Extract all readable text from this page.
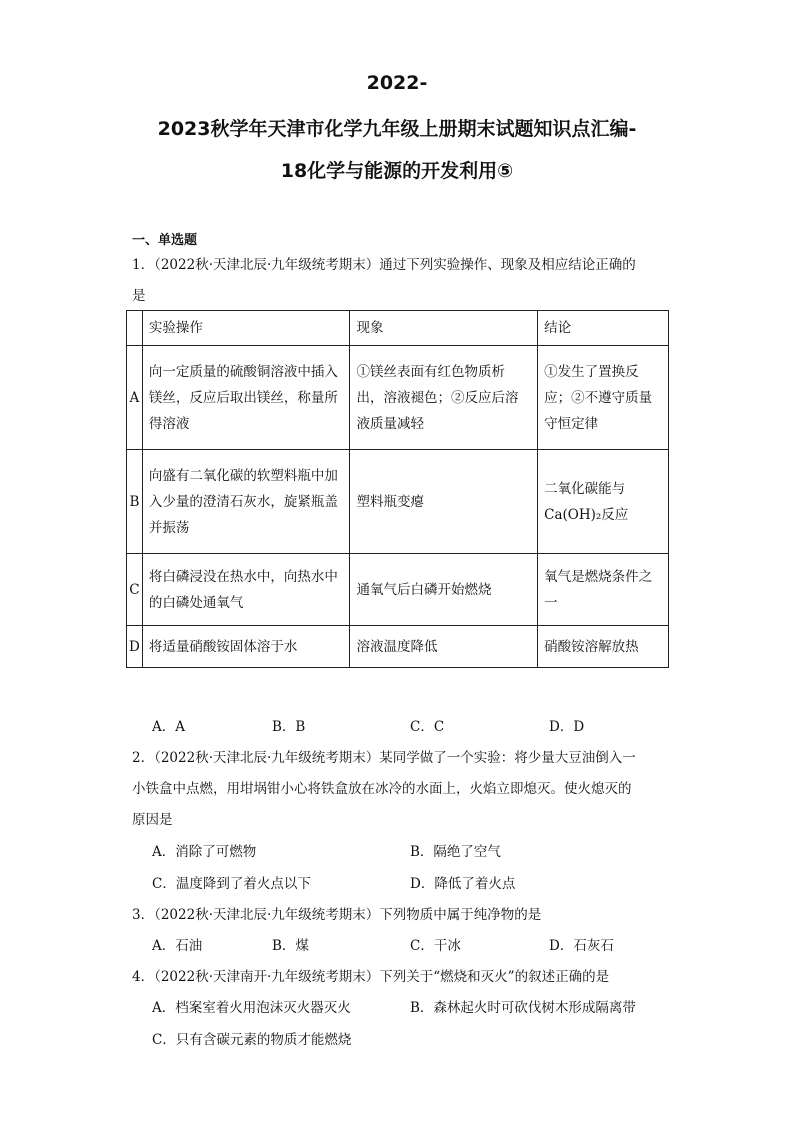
2022-
2023秋学年天津市化学九年级上册期末试题知识点汇编-
18化学与能源的开发利用⑤
一、单选题
1．（2022秋·天津北辰·九年级统考期末）通过下列实验操作、现象及相应结论正确的
是
	实验操作	现象	结论
A	向一定质量的硫酸铜溶液中插入镁丝，反应后取出镁丝，称量所得溶液	①镁丝表面有红色物质析出，溶液褪色；②反应后溶液质量减轻	①发生了置换反应；②不遵守质量守恒定律
B	向盛有二氧化碳的软塑料瓶中加入少量的澄清石灰水，旋紧瓶盖并振荡	塑料瓶变瘪	二氧化碳能与Ca(OH)₂反应
C	将白磷浸没在热水中，向热水中的白磷处通氧气	通氧气后白磷开始燃烧	氧气是燃烧条件之一
D	将适量硝酸铵固体溶于水	溶液温度降低	硝酸铵溶解放热
A．A	B．B	C．C	D．D
2．（2022秋·天津北辰·九年级统考期末）某同学做了一个实验：将少量大豆油倒入一
小铁盒中点燃，用坩埚钳小心将铁盒放在冰冷的水面上，火焰立即熄灭。使火熄灭的
原因是
A．消除了可燃物	B．隔绝了空气
C．温度降到了着火点以下	D．降低了着火点
3．（2022秋·天津北辰·九年级统考期末）下列物质中属于纯净物的是
A．石油	B．煤	C．干冰	D．石灰石
4．（2022秋·天津南开·九年级统考期末）下列关于“燃烧和灭火”的叙述正确的是
A．档案室着火用泡沫灭火器灭火	B．森林起火时可砍伐树木形成隔离带
C．只有含碳元素的物质才能燃烧
